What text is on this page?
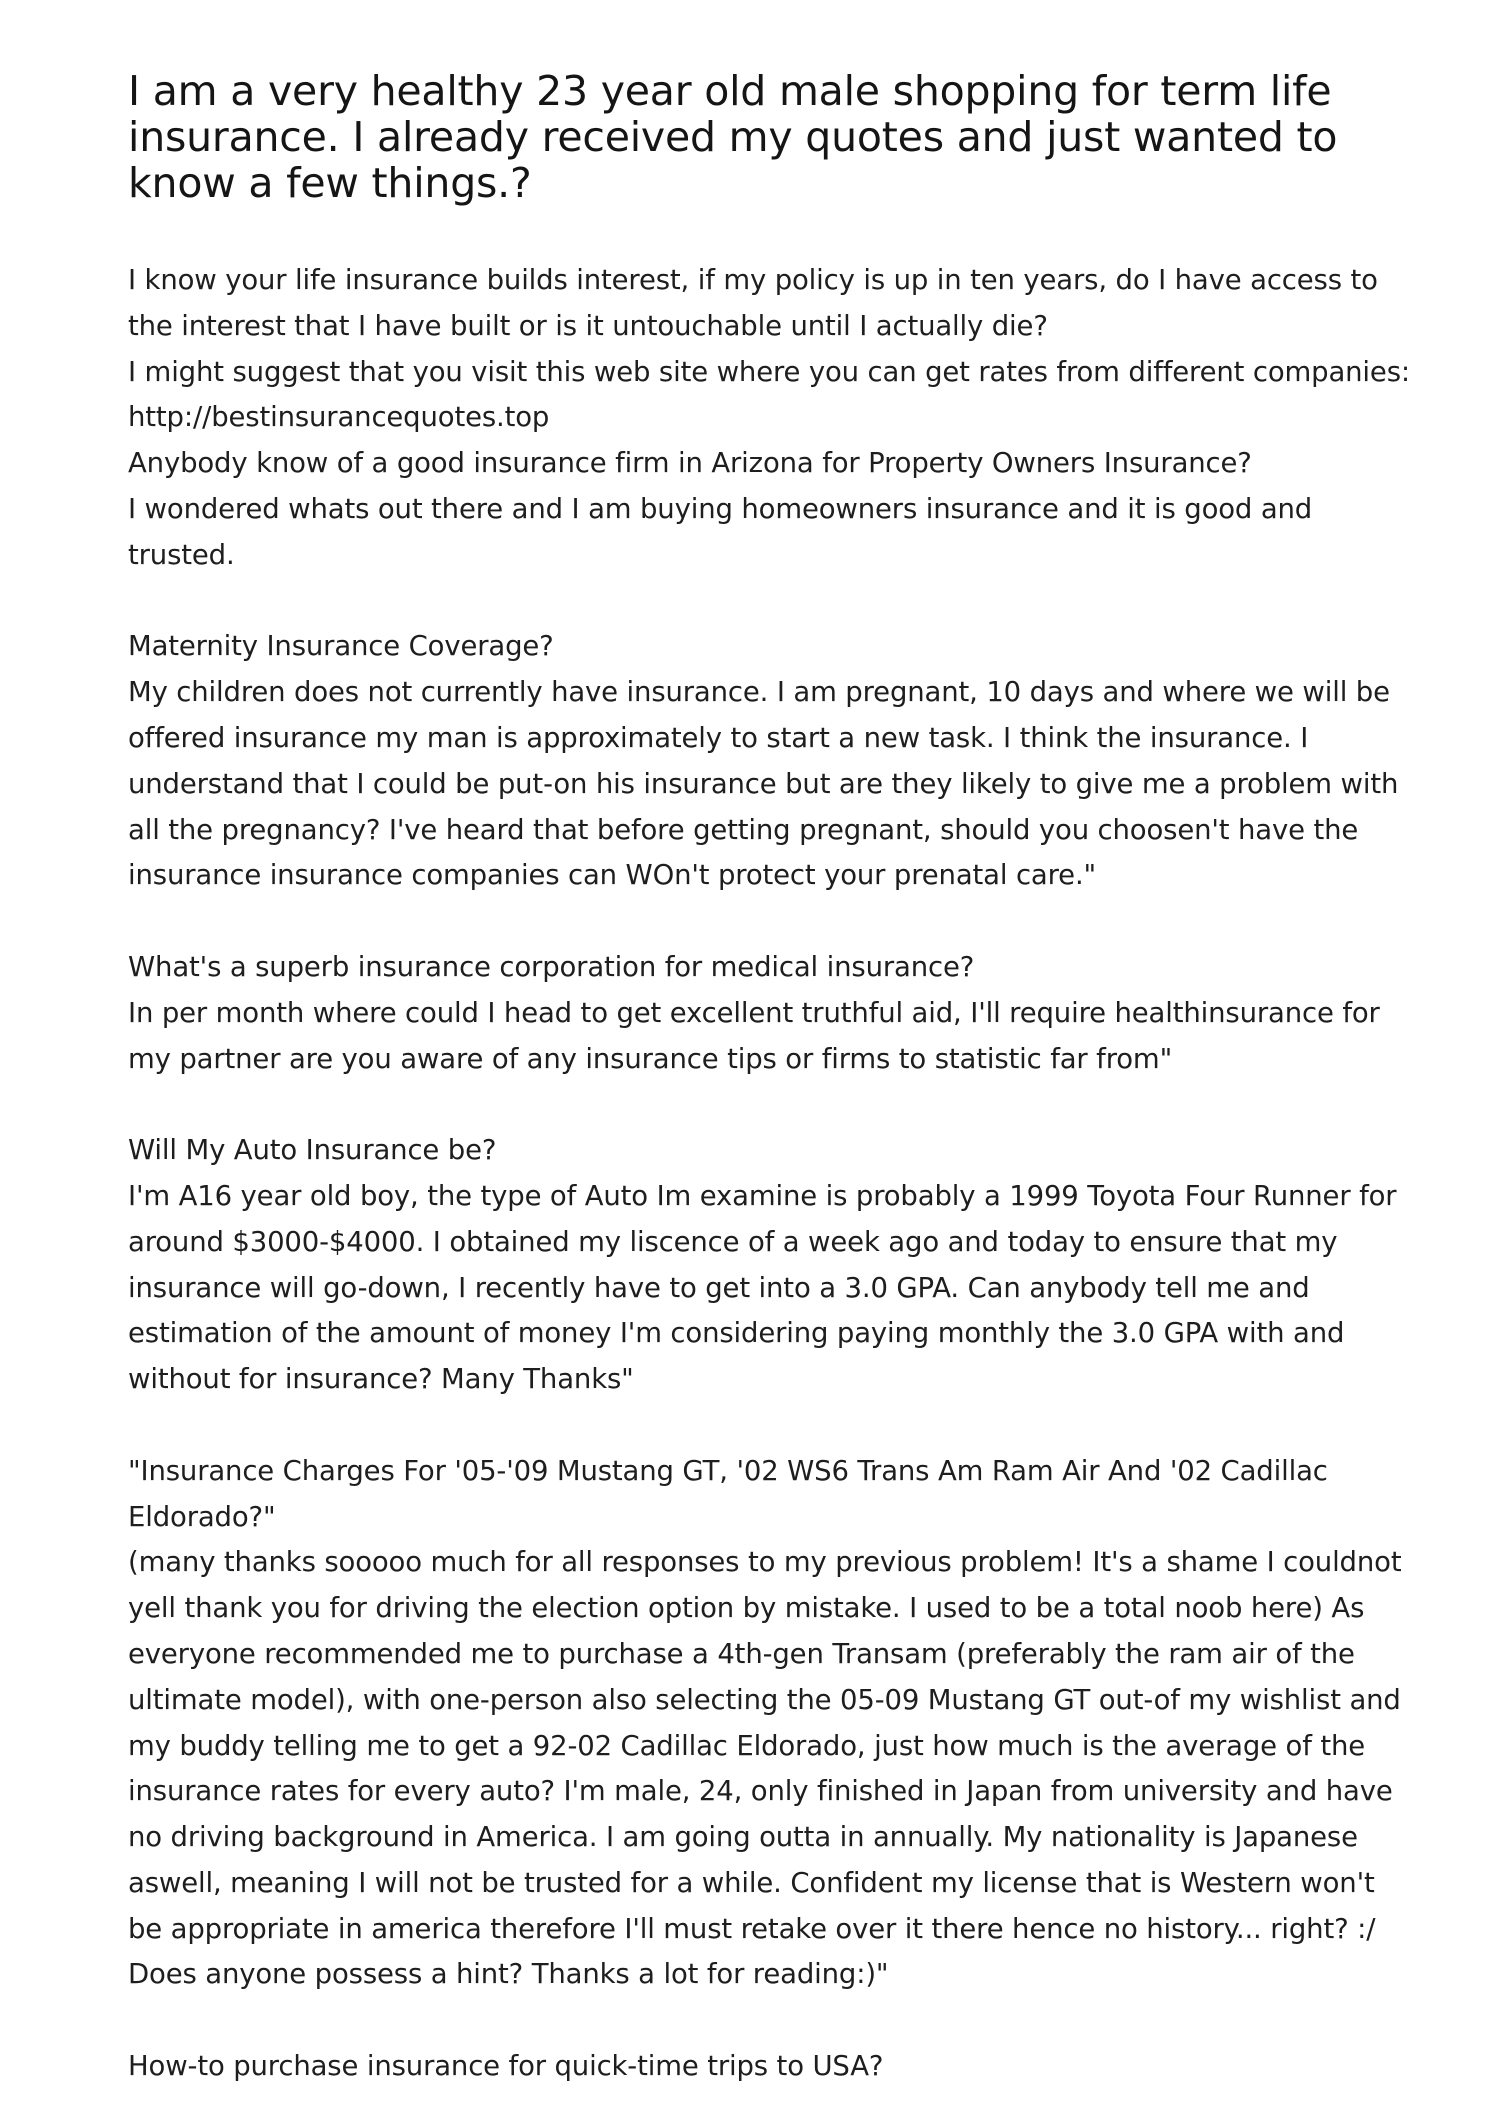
I am a very healthy 23 year old male shopping for term life
insurance. I already received my quotes and just wanted to
know a few things.?

I know your life insurance builds interest, if my policy is up in ten years, do I have access to
the interest that I have built or is it untouchable until I actually die?
I might suggest that you visit this web site where you can get rates from different companies:
http://bestinsurancequotes.top
Anybody know of a good insurance firm in Arizona for Property Owners Insurance?
I wondered whats out there and I am buying homeowners insurance and it is good and
trusted.

Maternity Insurance Coverage?
My children does not currently have insurance. I am pregnant, 10 days and where we will be
offered insurance my man is approximately to start a new task. I think the insurance. I
understand that I could be put-on his insurance but are they likely to give me a problem with
all the pregnancy? I've heard that before getting pregnant, should you choosen't have the
insurance insurance companies can WOn't protect your prenatal care."

What's a superb insurance corporation for medical insurance?
In per month where could I head to get excellent truthful aid, I'll require healthinsurance for
my partner are you aware of any insurance tips or firms to statistic far from"

Will My Auto Insurance be?
I'm A16 year old boy, the type of Auto Im examine is probably a 1999 Toyota Four Runner for
around $3000-$4000. I obtained my liscence of a week ago and today to ensure that my
insurance will go-down, I recently have to get into a 3.0 GPA. Can anybody tell me and
estimation of the amount of money I'm considering paying monthly the 3.0 GPA with and
without for insurance? Many Thanks"

"Insurance Charges For '05-'09 Mustang GT, '02 WS6 Trans Am Ram Air And '02 Cadillac
Eldorado?"
(many thanks sooooo much for all responses to my previous problem! It's a shame I couldnot
yell thank you for driving the election option by mistake. I used to be a total noob here) As
everyone recommended me to purchase a 4th-gen Transam (preferably the ram air of the
ultimate model), with one-person also selecting the 05-09 Mustang GT out-of my wishlist and
my buddy telling me to get a 92-02 Cadillac Eldorado, just how much is the average of the
insurance rates for every auto? I'm male, 24, only finished in Japan from university and have
no driving background in America. I am going outta in annually. My nationality is Japanese
aswell, meaning I will not be trusted for a while. Confident my license that is Western won't
be appropriate in america therefore I'll must retake over it there hence no history... right? :/
Does anyone possess a hint? Thanks a lot for reading:)"

How-to purchase insurance for quick-time trips to USA?
